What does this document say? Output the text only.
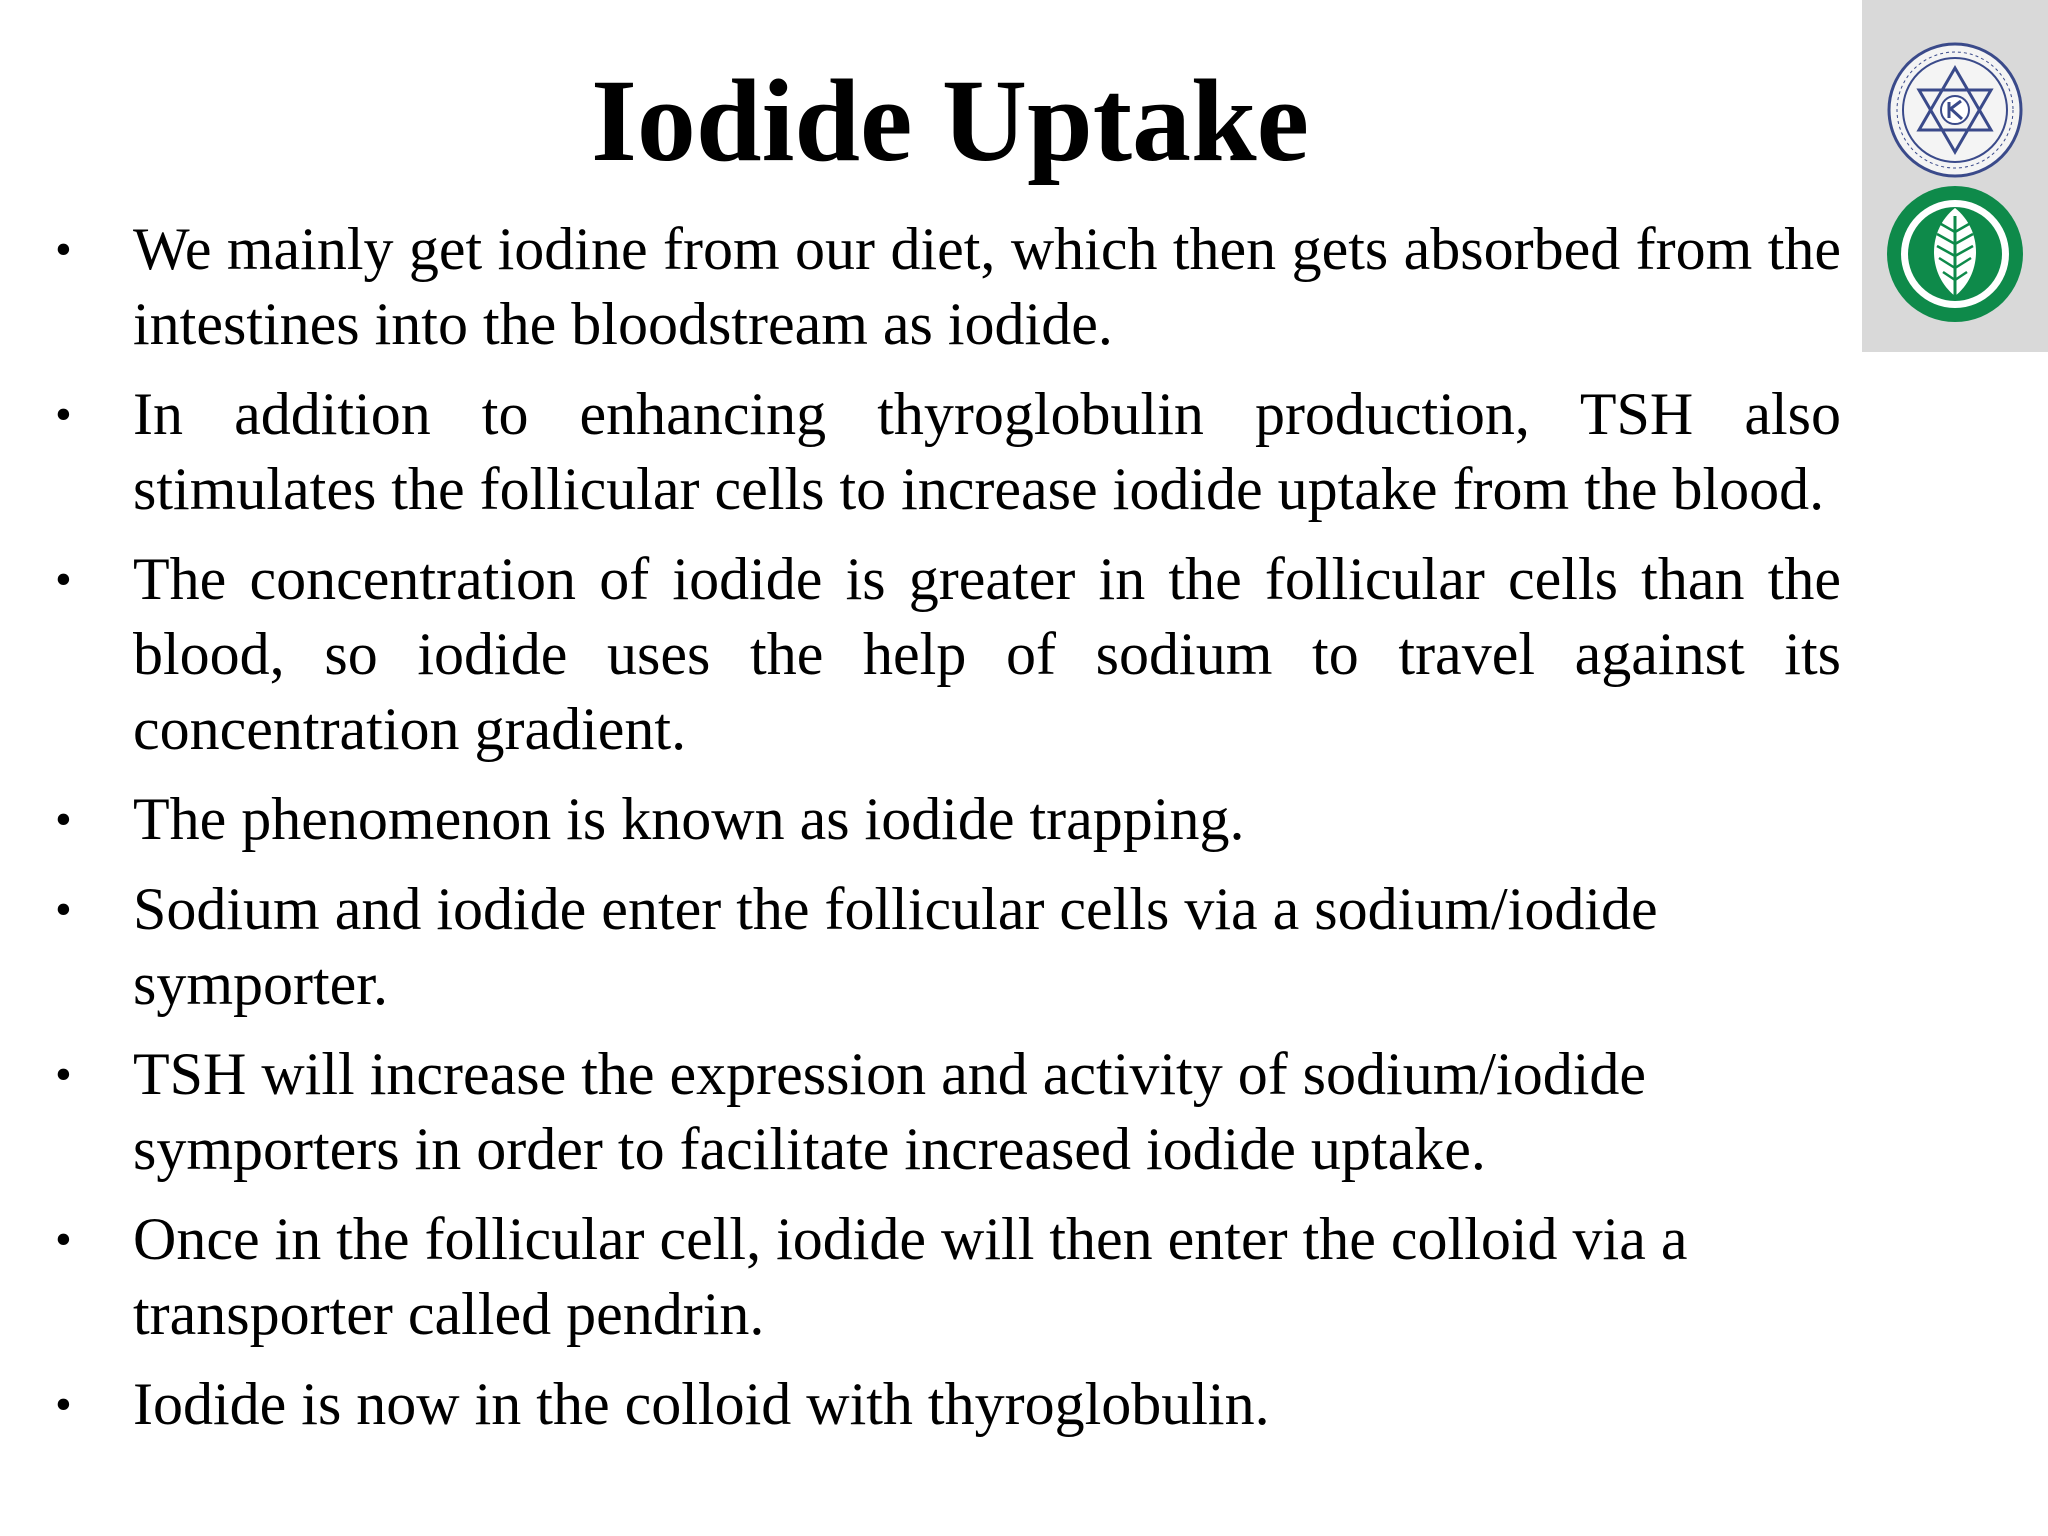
Iodide Uptake
•	We mainly get iodine from our diet, which then gets absorbed from the intestines into the bloodstream as iodide.
•	In addition to enhancing thyroglobulin production, TSH also stimulates the follicular cells to increase iodide uptake from the blood.
•	The concentration of iodide is greater in the follicular cells than the blood, so iodide uses the help of sodium to travel against its concentration gradient.
•	The phenomenon is known as iodide trapping.
•	Sodium and iodide enter the follicular cells via a sodium/iodide symporter.
•	TSH will increase the expression and activity of sodium/iodide symporters in order to facilitate increased iodide uptake.
•	Once in the follicular cell, iodide will then enter the colloid via a transporter called pendrin.
•	Iodide is now in the colloid with thyroglobulin.
